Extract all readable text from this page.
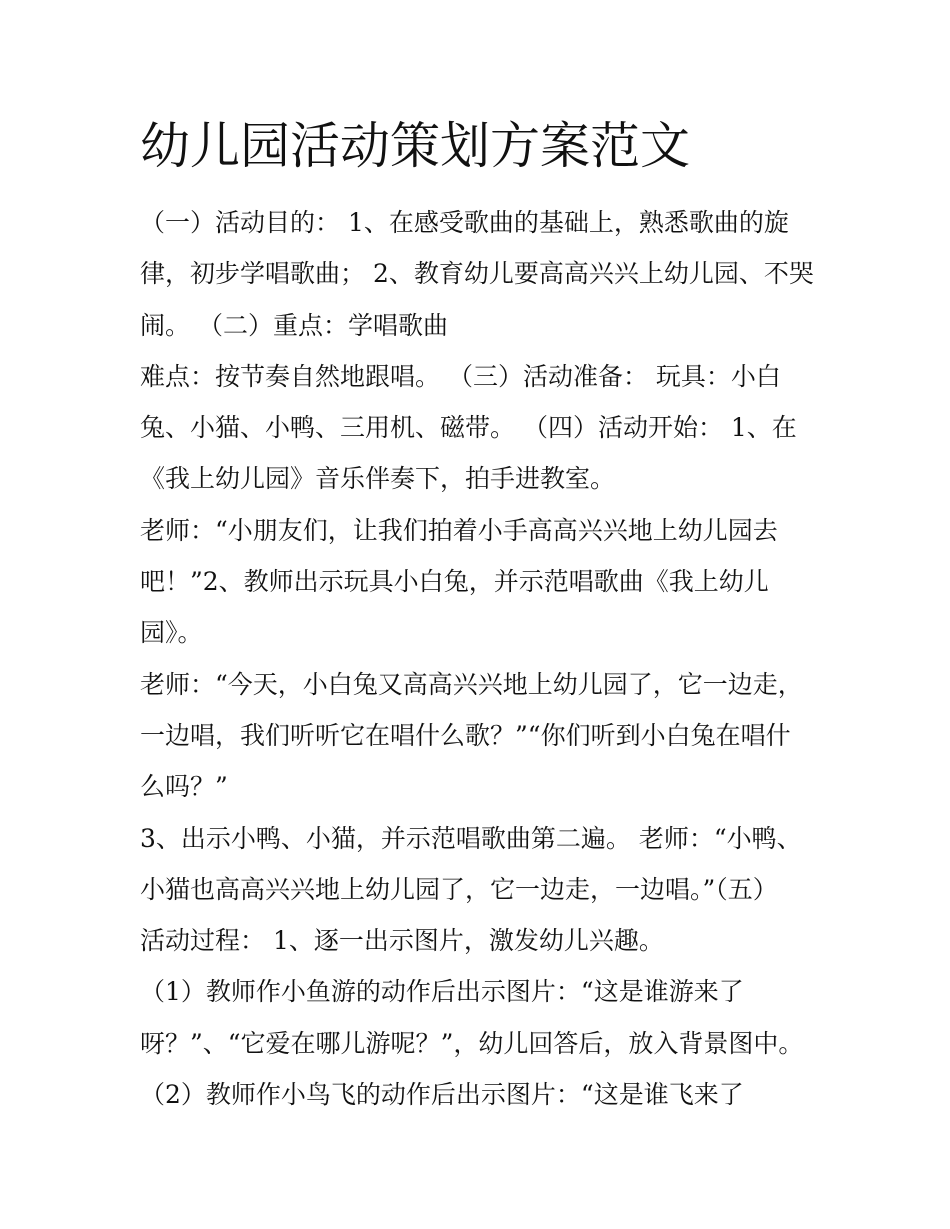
幼儿园活动策划方案范文
（一）活动目的： 1、在感受歌曲的基础上，熟悉歌曲的旋
律，初步学唱歌曲； 2、教育幼儿要高高兴兴上幼儿园、不哭
闹。 （二）重点：学唱歌曲
难点：按节奏自然地跟唱。 （三）活动准备： 玩具：小白
兔、小猫、小鸭、三用机、磁带。 （四）活动开始： 1、在
《我上幼儿园》音乐伴奏下，拍手进教室。
老师：“小朋友们，让我们拍着小手高高兴兴地上幼儿园去
吧！”2、教师出示玩具小白兔，并示范唱歌曲《我上幼儿
园》。
老师：“今天，小白兔又高高兴兴地上幼儿园了，它一边走，
一边唱，我们听听它在唱什么歌？”“你们听到小白兔在唱什
么吗？”
3、出示小鸭、小猫，并示范唱歌曲第二遍。 老师：“小鸭、
小猫也高高兴兴地上幼儿园了，它一边走，一边唱。”（五）
活动过程： 1、逐一出示图片，激发幼儿兴趣。
（1）教师作小鱼游的动作后出示图片：“这是谁游来了
呀？”、“它爱在哪儿游呢？”，幼儿回答后，放入背景图中。
（2）教师作小鸟飞的动作后出示图片：“这是谁飞来了
